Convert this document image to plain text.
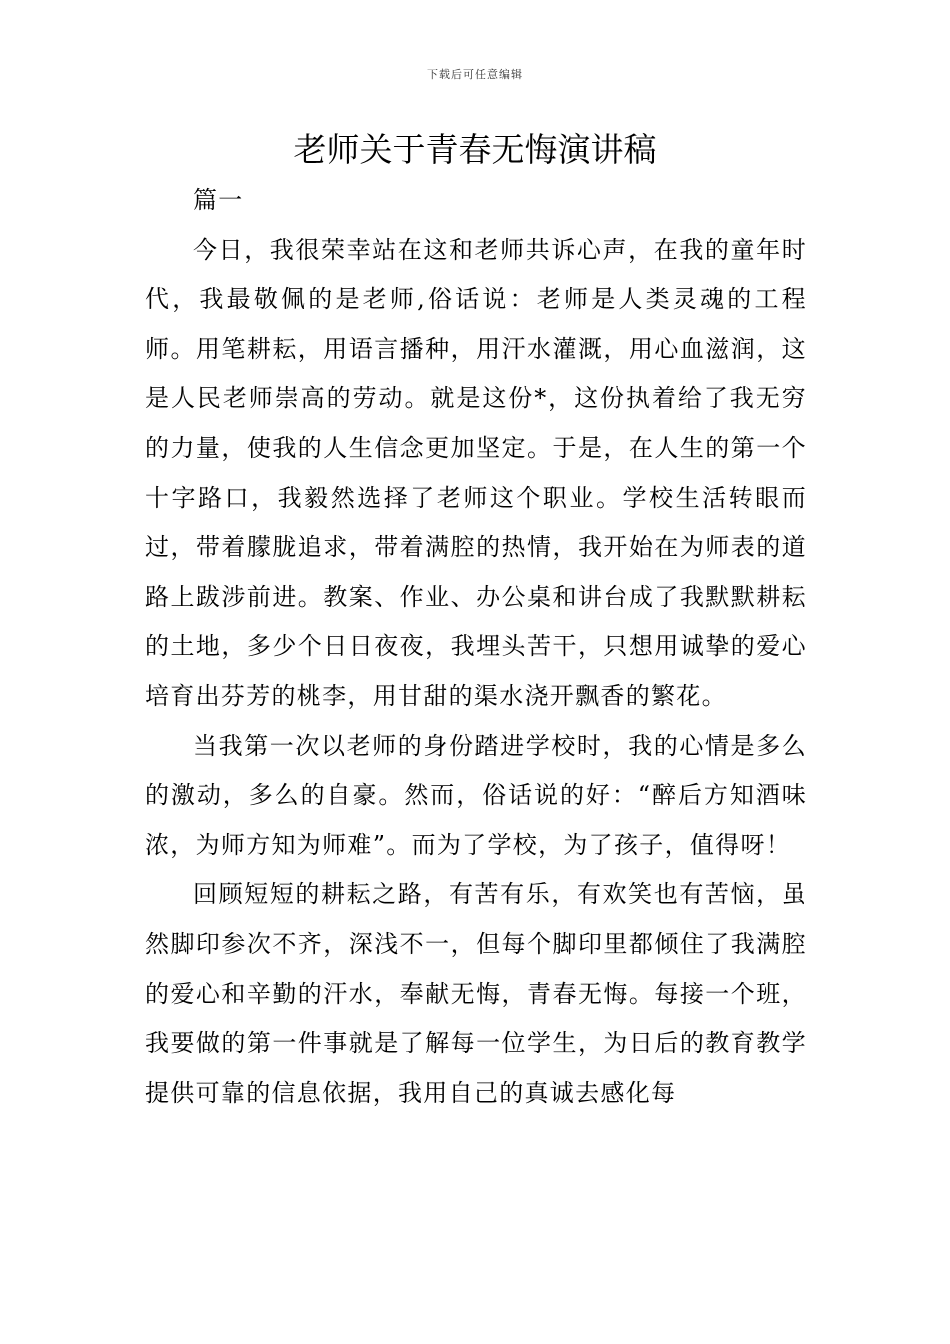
下载后可任意编辑
老师关于青春无悔演讲稿

篇一

今日，我很荣幸站在这和老师共诉心声，在我的童年时代，我最敬佩的是老师,俗话说：老师是人类灵魂的工程师。用笔耕耘，用语言播种，用汗水灌溉，用心血滋润，这是人民老师崇高的劳动。就是这份*，这份执着给了我无穷的力量，使我的人生信念更加坚定。于是，在人生的第一个十字路口，我毅然选择了老师这个职业。学校生活转眼而过，带着朦胧追求，带着满腔的热情，我开始在为师表的道路上跋涉前进。教案、作业、办公桌和讲台成了我默默耕耘的土地，多少个日日夜夜，我埋头苦干，只想用诚挚的爱心培育出芬芳的桃李，用甘甜的渠水浇开飘香的繁花。

当我第一次以老师的身份踏进学校时，我的心情是多么的激动，多么的自豪。然而，俗话说的好：“醉后方知酒味浓，为师方知为师难”。而为了学校，为了孩子，值得呀！

回顾短短的耕耘之路，有苦有乐，有欢笑也有苦恼，虽然脚印参次不齐，深浅不一，但每个脚印里都倾住了我满腔的爱心和辛勤的汗水，奉献无悔，青春无悔。每接一个班，我要做的第一件事就是了解每一位学生，为日后的教育教学提供可靠的信息依据，我用自己的真诚去感化每
